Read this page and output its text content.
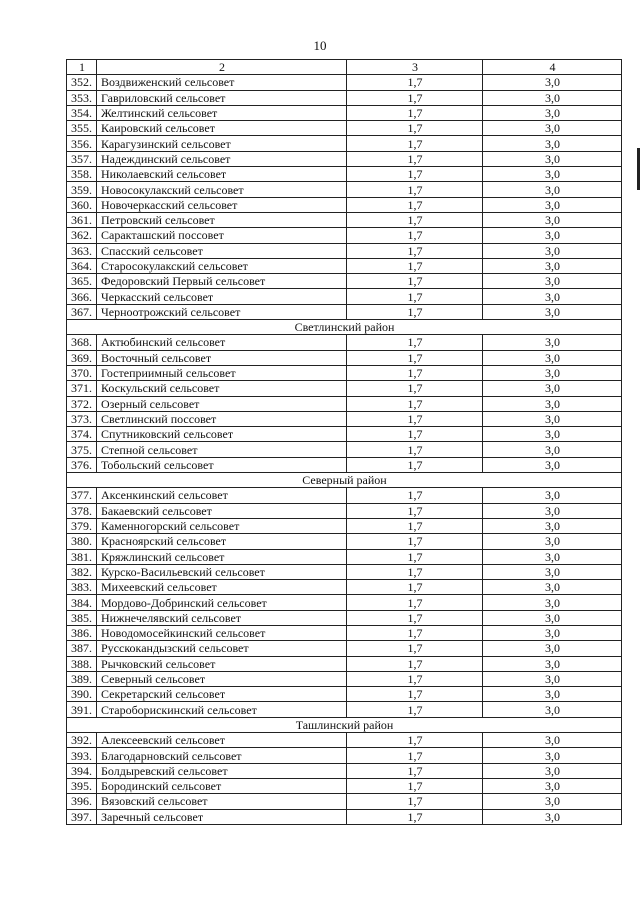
10
1	2	3	4
352.	Воздвиженский сельсовет	1,7	3,0
353.	Гавриловский сельсовет	1,7	3,0
354.	Желтинский сельсовет	1,7	3,0
355.	Каировский сельсовет	1,7	3,0
356.	Карагузинский сельсовет	1,7	3,0
357.	Надеждинский сельсовет	1,7	3,0
358.	Николаевский сельсовет	1,7	3,0
359.	Новосокулакский сельсовет	1,7	3,0
360.	Новочеркасский сельсовет	1,7	3,0
361.	Петровский сельсовет	1,7	3,0
362.	Саракташский поссовет	1,7	3,0
363.	Спасский сельсовет	1,7	3,0
364.	Старосокулакский сельсовет	1,7	3,0
365.	Федоровский Первый сельсовет	1,7	3,0
366.	Черкасский сельсовет	1,7	3,0
367.	Черноотрожский сельсовет	1,7	3,0
Светлинский район			
368.	Актюбинский сельсовет	1,7	3,0
369.	Восточный сельсовет	1,7	3,0
370.	Гостеприимный сельсовет	1,7	3,0
371.	Коскульский сельсовет	1,7	3,0
372.	Озерный сельсовет	1,7	3,0
373.	Светлинский поссовет	1,7	3,0
374.	Спутниковский сельсовет	1,7	3,0
375.	Степной сельсовет	1,7	3,0
376.	Тобольский сельсовет	1,7	3,0
Северный район			
377.	Аксенкинский сельсовет	1,7	3,0
378.	Бакаевский сельсовет	1,7	3,0
379.	Каменногорский сельсовет	1,7	3,0
380.	Красноярский сельсовет	1,7	3,0
381.	Кряжлинский сельсовет	1,7	3,0
382.	Курско-Васильевский сельсовет	1,7	3,0
383.	Михеевский сельсовет	1,7	3,0
384.	Мордово-Добринский сельсовет	1,7	3,0
385.	Нижнечелявский сельсовет	1,7	3,0
386.	Новодомосейкинский сельсовет	1,7	3,0
387.	Русскокандызский сельсовет	1,7	3,0
388.	Рычковский сельсовет	1,7	3,0
389.	Северный сельсовет	1,7	3,0
390.	Секретарский сельсовет	1,7	3,0
391.	Староборискинский сельсовет	1,7	3,0
Ташлинский район			
392.	Алексеевский сельсовет	1,7	3,0
393.	Благодарновский сельсовет	1,7	3,0
394.	Болдыревский сельсовет	1,7	3,0
395.	Бородинский сельсовет	1,7	3,0
396.	Вязовский сельсовет	1,7	3,0
397.	Заречный сельсовет	1,7	3,0
